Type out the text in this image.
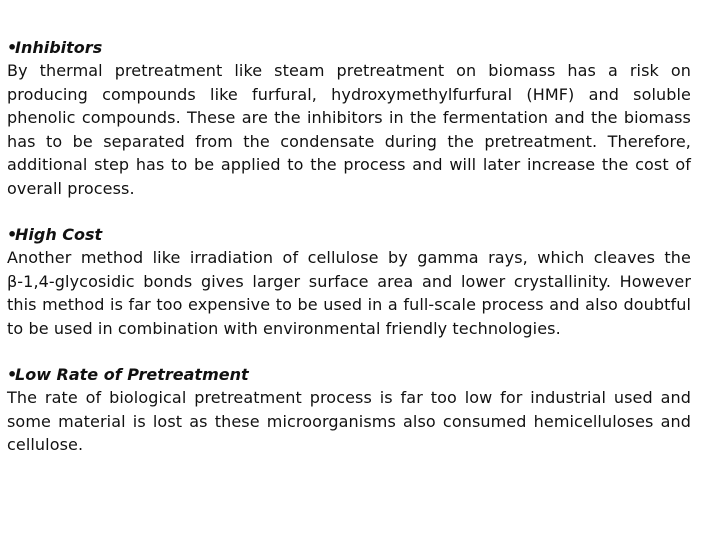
•Inhibitors
By thermal pretreatment like steam pretreatment on biomass has a risk on producing compounds like furfural, hydroxymethylfurfural (HMF) and soluble phenolic compounds. These are the inhibitors in the fermentation and the biomass has to be separated from the condensate during the pretreatment. Therefore, additional step has to be applied to the process and will later increase the cost of overall process.
•High Cost
Another method like irradiation of cellulose by gamma rays, which cleaves the β-1,4-glycosidic bonds gives larger surface area and lower crystallinity. However this method is far too expensive to be used in a full-scale process and also doubtful to be used in combination with environmental friendly technologies.
•Low Rate of Pretreatment
The rate of biological pretreatment process is far too low for industrial used and some material is lost as these microorganisms also consumed hemicelluloses and cellulose.
